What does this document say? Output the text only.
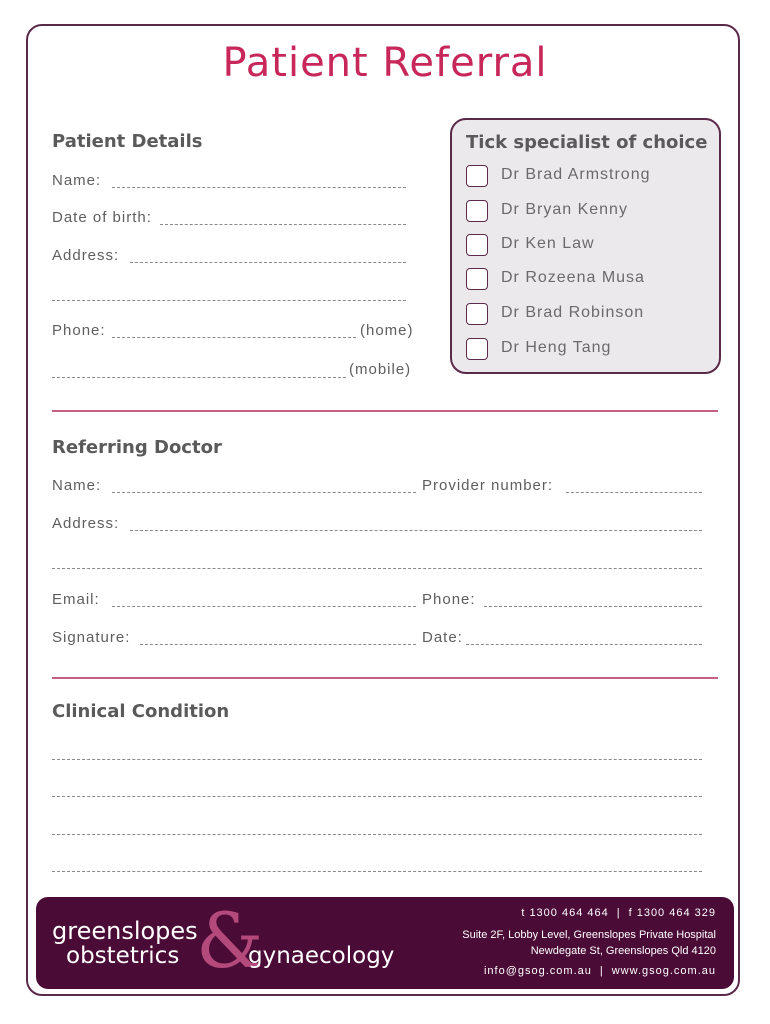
Patient Referral
Patient Details
Name:
Date of birth:
Address:
Phone:	(home)
(mobile)
Tick specialist of choice
Dr Brad Armstrong
Dr Bryan Kenny
Dr Ken Law
Dr Rozeena Musa
Dr Brad Robinson
Dr Heng Tang
Referring Doctor
Name:	Provider number:
Address:
Email:	Phone:
Signature:	Date:
Clinical Condition
greenslopes
&
obstetrics	gynaecology
t 1300 464 464 | f 1300 464 329
Suite 2F, Lobby Level, Greenslopes Private Hospital
Newdegate St, Greenslopes Qld 4120
info@gsog.com.au | www.gsog.com.au
